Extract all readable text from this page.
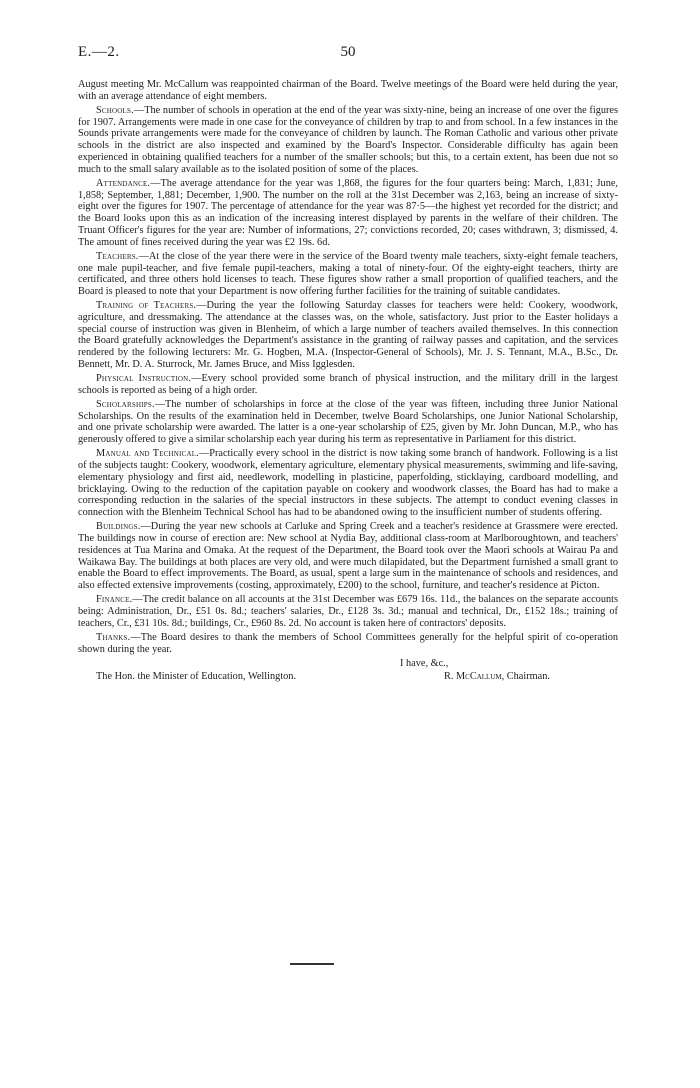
E.—2.	50

August meeting Mr. McCallum was reappointed chairman of the Board. Twelve meetings of the Board were held during the year, with an average attendance of eight members.

Schools.—The number of schools in operation at the end of the year was sixty-nine, being an increase of one over the figures for 1907. Arrangements were made in one case for the conveyance of children by trap to and from school. In a few instances in the Sounds private arrangements were made for the conveyance of children by launch. The Roman Catholic and various other private schools in the district are also inspected and examined by the Board's Inspector. Considerable difficulty has again been experienced in obtaining qualified teachers for a number of the smaller schools; but this, to a certain extent, has been due not so much to the small salary available as to the isolated position of some of the places.

Attendance.—The average attendance for the year was 1,868, the figures for the four quarters being: March, 1,831; June, 1,858; September, 1,881; December, 1,900. The number on the roll at the 31st December was 2,163, being an increase of sixty-eight over the figures for 1907. The percentage of attendance for the year was 87·5—the highest yet recorded for the district; and the Board looks upon this as an indication of the increasing interest displayed by parents in the welfare of their children. The Truant Officer's figures for the year are: Number of informations, 27; convictions recorded, 20; cases withdrawn, 3; dismissed, 4. The amount of fines received during the year was £2 19s. 6d.

Teachers.—At the close of the year there were in the service of the Board twenty male teachers, sixty-eight female teachers, one male pupil-teacher, and five female pupil-teachers, making a total of ninety-four. Of the eighty-eight teachers, thirty are certificated, and three others hold licenses to teach. These figures show rather a small proportion of qualified teachers, and the Board is pleased to note that your Department is now offering further facilities for the training of suitable candidates.

Training of Teachers.—During the year the following Saturday classes for teachers were held: Cookery, woodwork, agriculture, and dressmaking. The attendance at the classes was, on the whole, satisfactory. Just prior to the Easter holidays a special course of instruction was given in Blenheim, of which a large number of teachers availed themselves. In this connection the Board gratefully acknowledges the Department's assistance in the granting of railway passes and capitation, and the services rendered by the following lecturers: Mr. G. Hogben, M.A. (Inspector-General of Schools), Mr. J. S. Tennant, M.A., B.Sc., Dr. Bennett, Mr. D. A. Sturrock, Mr. James Bruce, and Miss Igglesden.

Physical Instruction.—Every school provided some branch of physical instruction, and the military drill in the largest schools is reported as being of a high order.

Scholarships.—The number of scholarships in force at the close of the year was fifteen, including three Junior National Scholarships. On the results of the examination held in December, twelve Board Scholarships, one Junior National Scholarship, and one private scholarship were awarded. The latter is a one-year scholarship of £25, given by Mr. John Duncan, M.P., who has generously offered to give a similar scholarship each year during his term as representative in Parliament for this district.

Manual and Technical.—Practically every school in the district is now taking some branch of handwork. Following is a list of the subjects taught: Cookery, woodwork, elementary agriculture, elementary physical measurements, swimming and life-saving, elementary physiology and first aid, needlework, modelling in plasticine, paperfolding, sticklaying, cardboard modelling, and bricklaying. Owing to the reduction of the capitation payable on cookery and woodwork classes, the Board has had to make a corresponding reduction in the salaries of the special instructors in these subjects. The attempt to conduct evening classes in connection with the Blenheim Technical School has had to be abandoned owing to the insufficient number of students offering.

Buildings.—During the year new schools at Carluke and Spring Creek and a teacher's residence at Grassmere were erected. The buildings now in course of erection are: New school at Nydia Bay, additional class-room at Marlboroughtown, and teachers' residences at Tua Marina and Omaka. At the request of the Department, the Board took over the Maori schools at Wairau Pa and Waikawa Bay. The buildings at both places are very old, and were much dilapidated, but the Department furnished a small grant to enable the Board to effect improvements. The Board, as usual, spent a large sum in the maintenance of schools and residences, and also effected extensive improvements (costing, approximately, £200) to the school, furniture, and teacher's residence at Picton.

Finance.—The credit balance on all accounts at the 31st December was £679 16s. 11d., the balances on the separate accounts being: Administration, Dr., £51 0s. 8d.; teachers' salaries, Dr., £128 3s. 3d.; manual and technical, Dr., £152 18s.; training of teachers, Cr., £31 10s. 8d.; buildings, Cr., £960 8s. 2d. No account is taken here of contractors' deposits.

Thanks.—The Board desires to thank the members of School Committees generally for the helpful spirit of co-operation shown during the year.

I have, &c.,
The Hon. the Minister of Education, Wellington.	R. McCallum, Chairman.
